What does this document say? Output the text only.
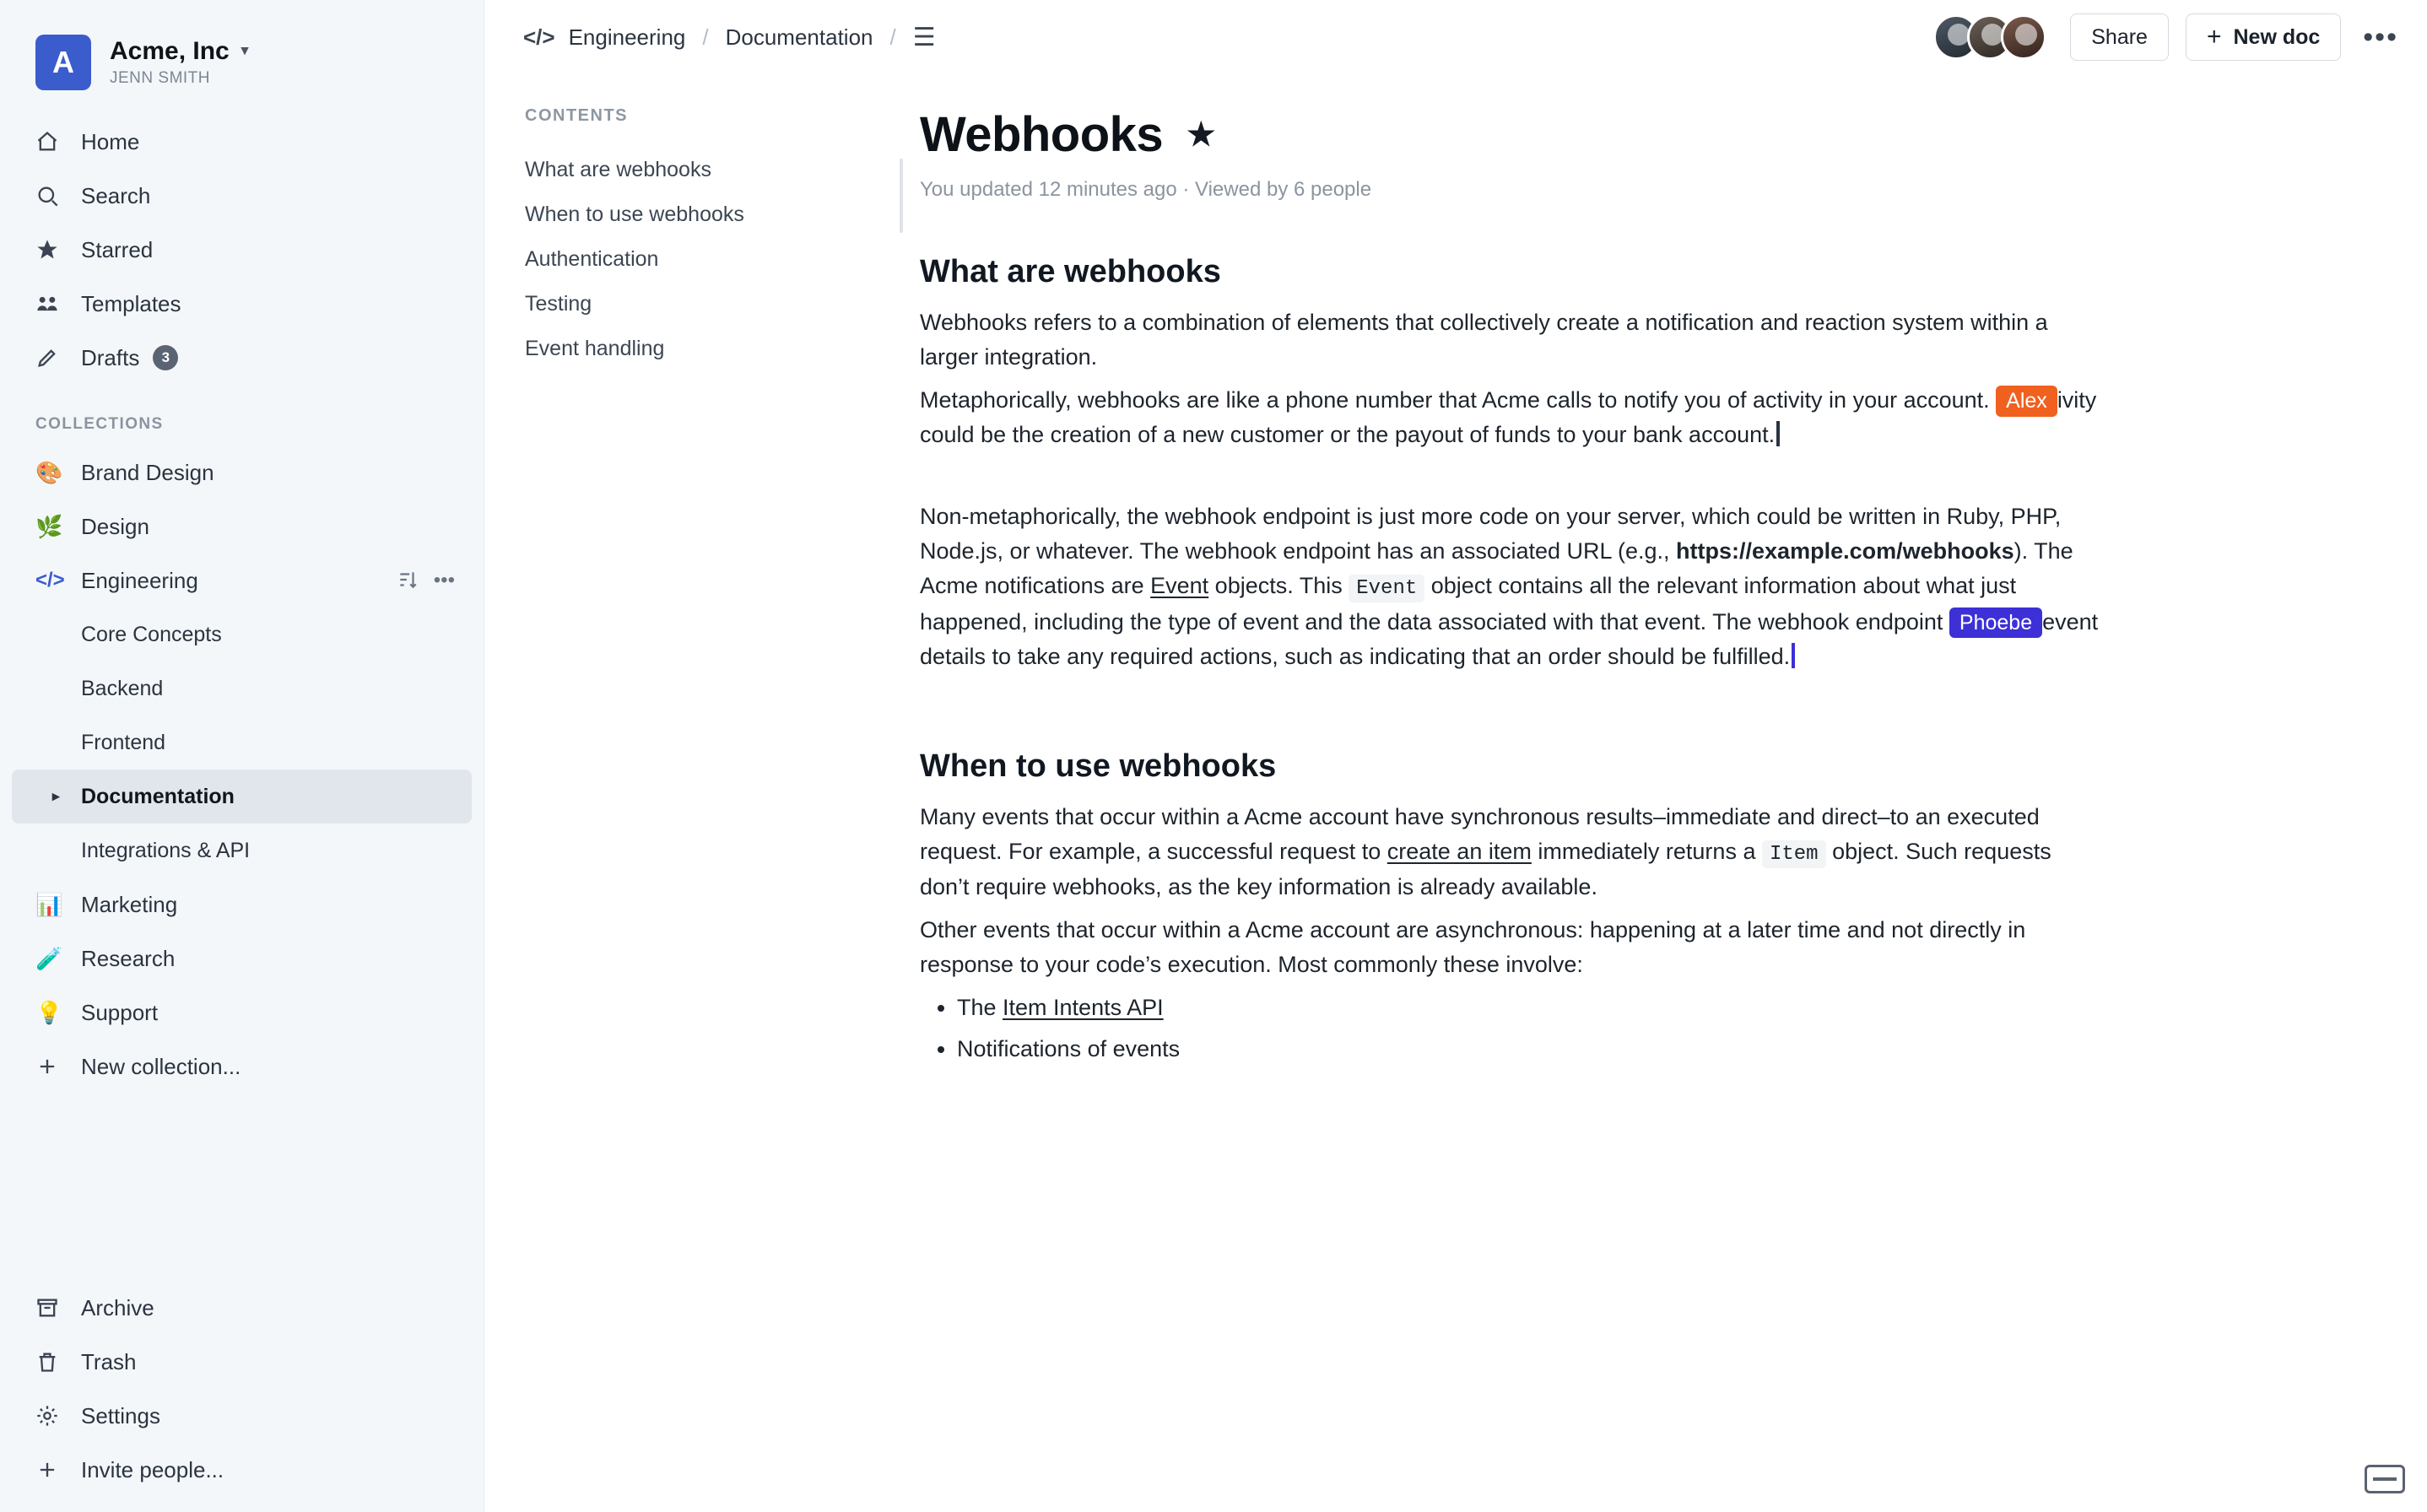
A	Acme, Inc ▾
JENN SMITH
Home
Search
Starred
Templates
Drafts	3
COLLECTIONS
🎨 Brand Design
🌿 Design
</> Engineering	•••
Core Concepts
Backend
Frontend
▸ Documentation
Integrations & API
📊 Marketing
🧪 Research
💡 Support
New collection...
Archive
Trash
Settings
Invite people...
</> Engineering / Documentation / ☰	Share	+ New doc •••
CONTENTS
What are webhooks
When to use webhooks
Authentication
Testing
Event handling
Webhooks ★
You updated 12 minutes ago · Viewed by 6 people
What are webhooks

Webhooks refers to a combination of elements that collectively create a notification and reaction system within a larger integration.

Metaphorically, webhooks are like a phone number that Acme calls to notify you of activity in your account. Alex ivity could be the creation of a new customer or the payout of funds to your bank account.

Non-metaphorically, the webhook endpoint is just more code on your server, which could be written in Ruby, PHP, Node.js, or whatever. The webhook endpoint has an associated URL (e.g., https://example.com/webhooks). The Acme notifications are Event objects. This Event object contains all the relevant information about what just happened, including the type of event and the data associated with that event. The webhook endpoint Phoebe event details to take any required actions, such as indicating that an order should be fulfilled.

When to use webhooks

Many events that occur within a Acme account have synchronous results–immediate and direct–to an executed request. For example, a successful request to create an item immediately returns a Item object. Such requests don’t require webhooks, as the key information is already available.

Other events that occur within a Acme account are asynchronous: happening at a later time and not directly in response to your code’s execution. Most commonly these involve:

• The Item Intents API
• Notifications of events
